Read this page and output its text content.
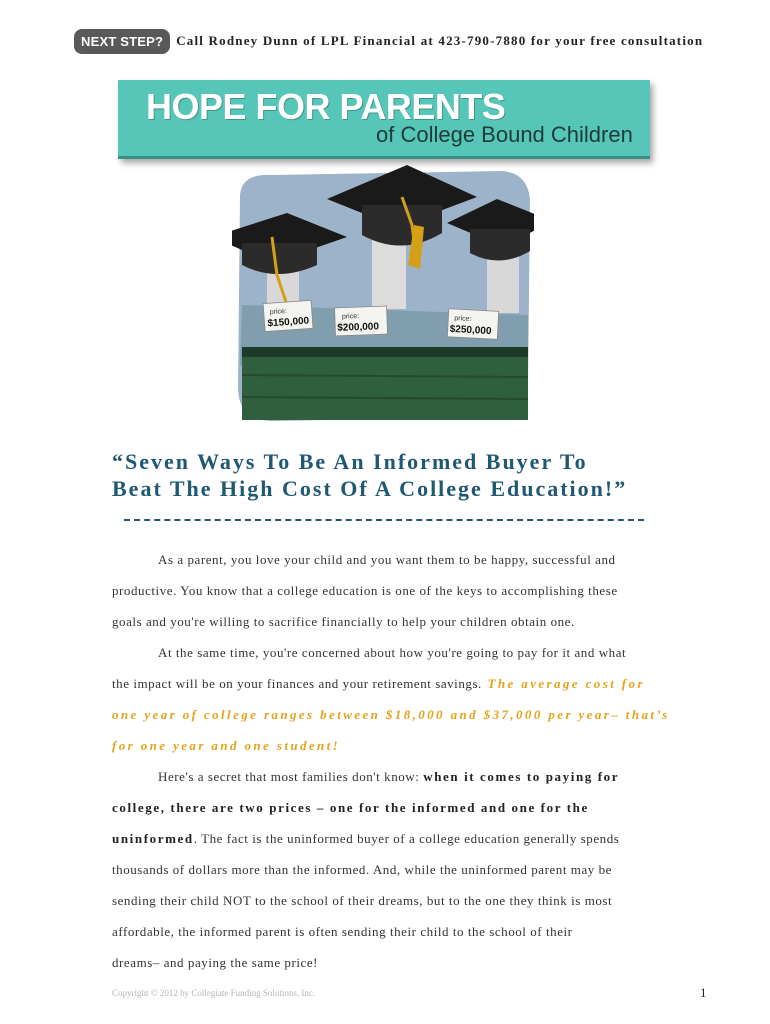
NEXT STEP?	Call Rodney Dunn of LPL Financial at 423-790-7880 for your free consultation
HOPE FOR PARENTS
of College Bound Children
price:
$150,000	price:
$200,000
price:
$250,000
“Seven Ways To Be An Informed Buyer To
Beat The High Cost Of A College Education!”
As a parent, you love your child and you want them to be happy, successful and
productive. You know that a college education is one of the keys to accomplishing these
goals and you're willing to sacrifice financially to help your children obtain one.
At the same time, you're concerned about how you're going to pay for it and what
the impact will be on your finances and your retirement savings. The average cost for
one year of college ranges between $18,000 and $37,000 per year– that’s
for one year and one student!
Here's a secret that most families don't know: when it comes to paying for
college, there are two prices – one for the informed and one for the
uninformed. The fact is the uninformed buyer of a college education generally spends
thousands of dollars more than the informed. And, while the uninformed parent may be
sending their child NOT to the school of their dreams, but to the one they think is most
affordable, the informed parent is often sending their child to the school of their
dreams– and paying the same price!
Copyright © 2012 by Collegiate Funding Solutions, Inc.	1
